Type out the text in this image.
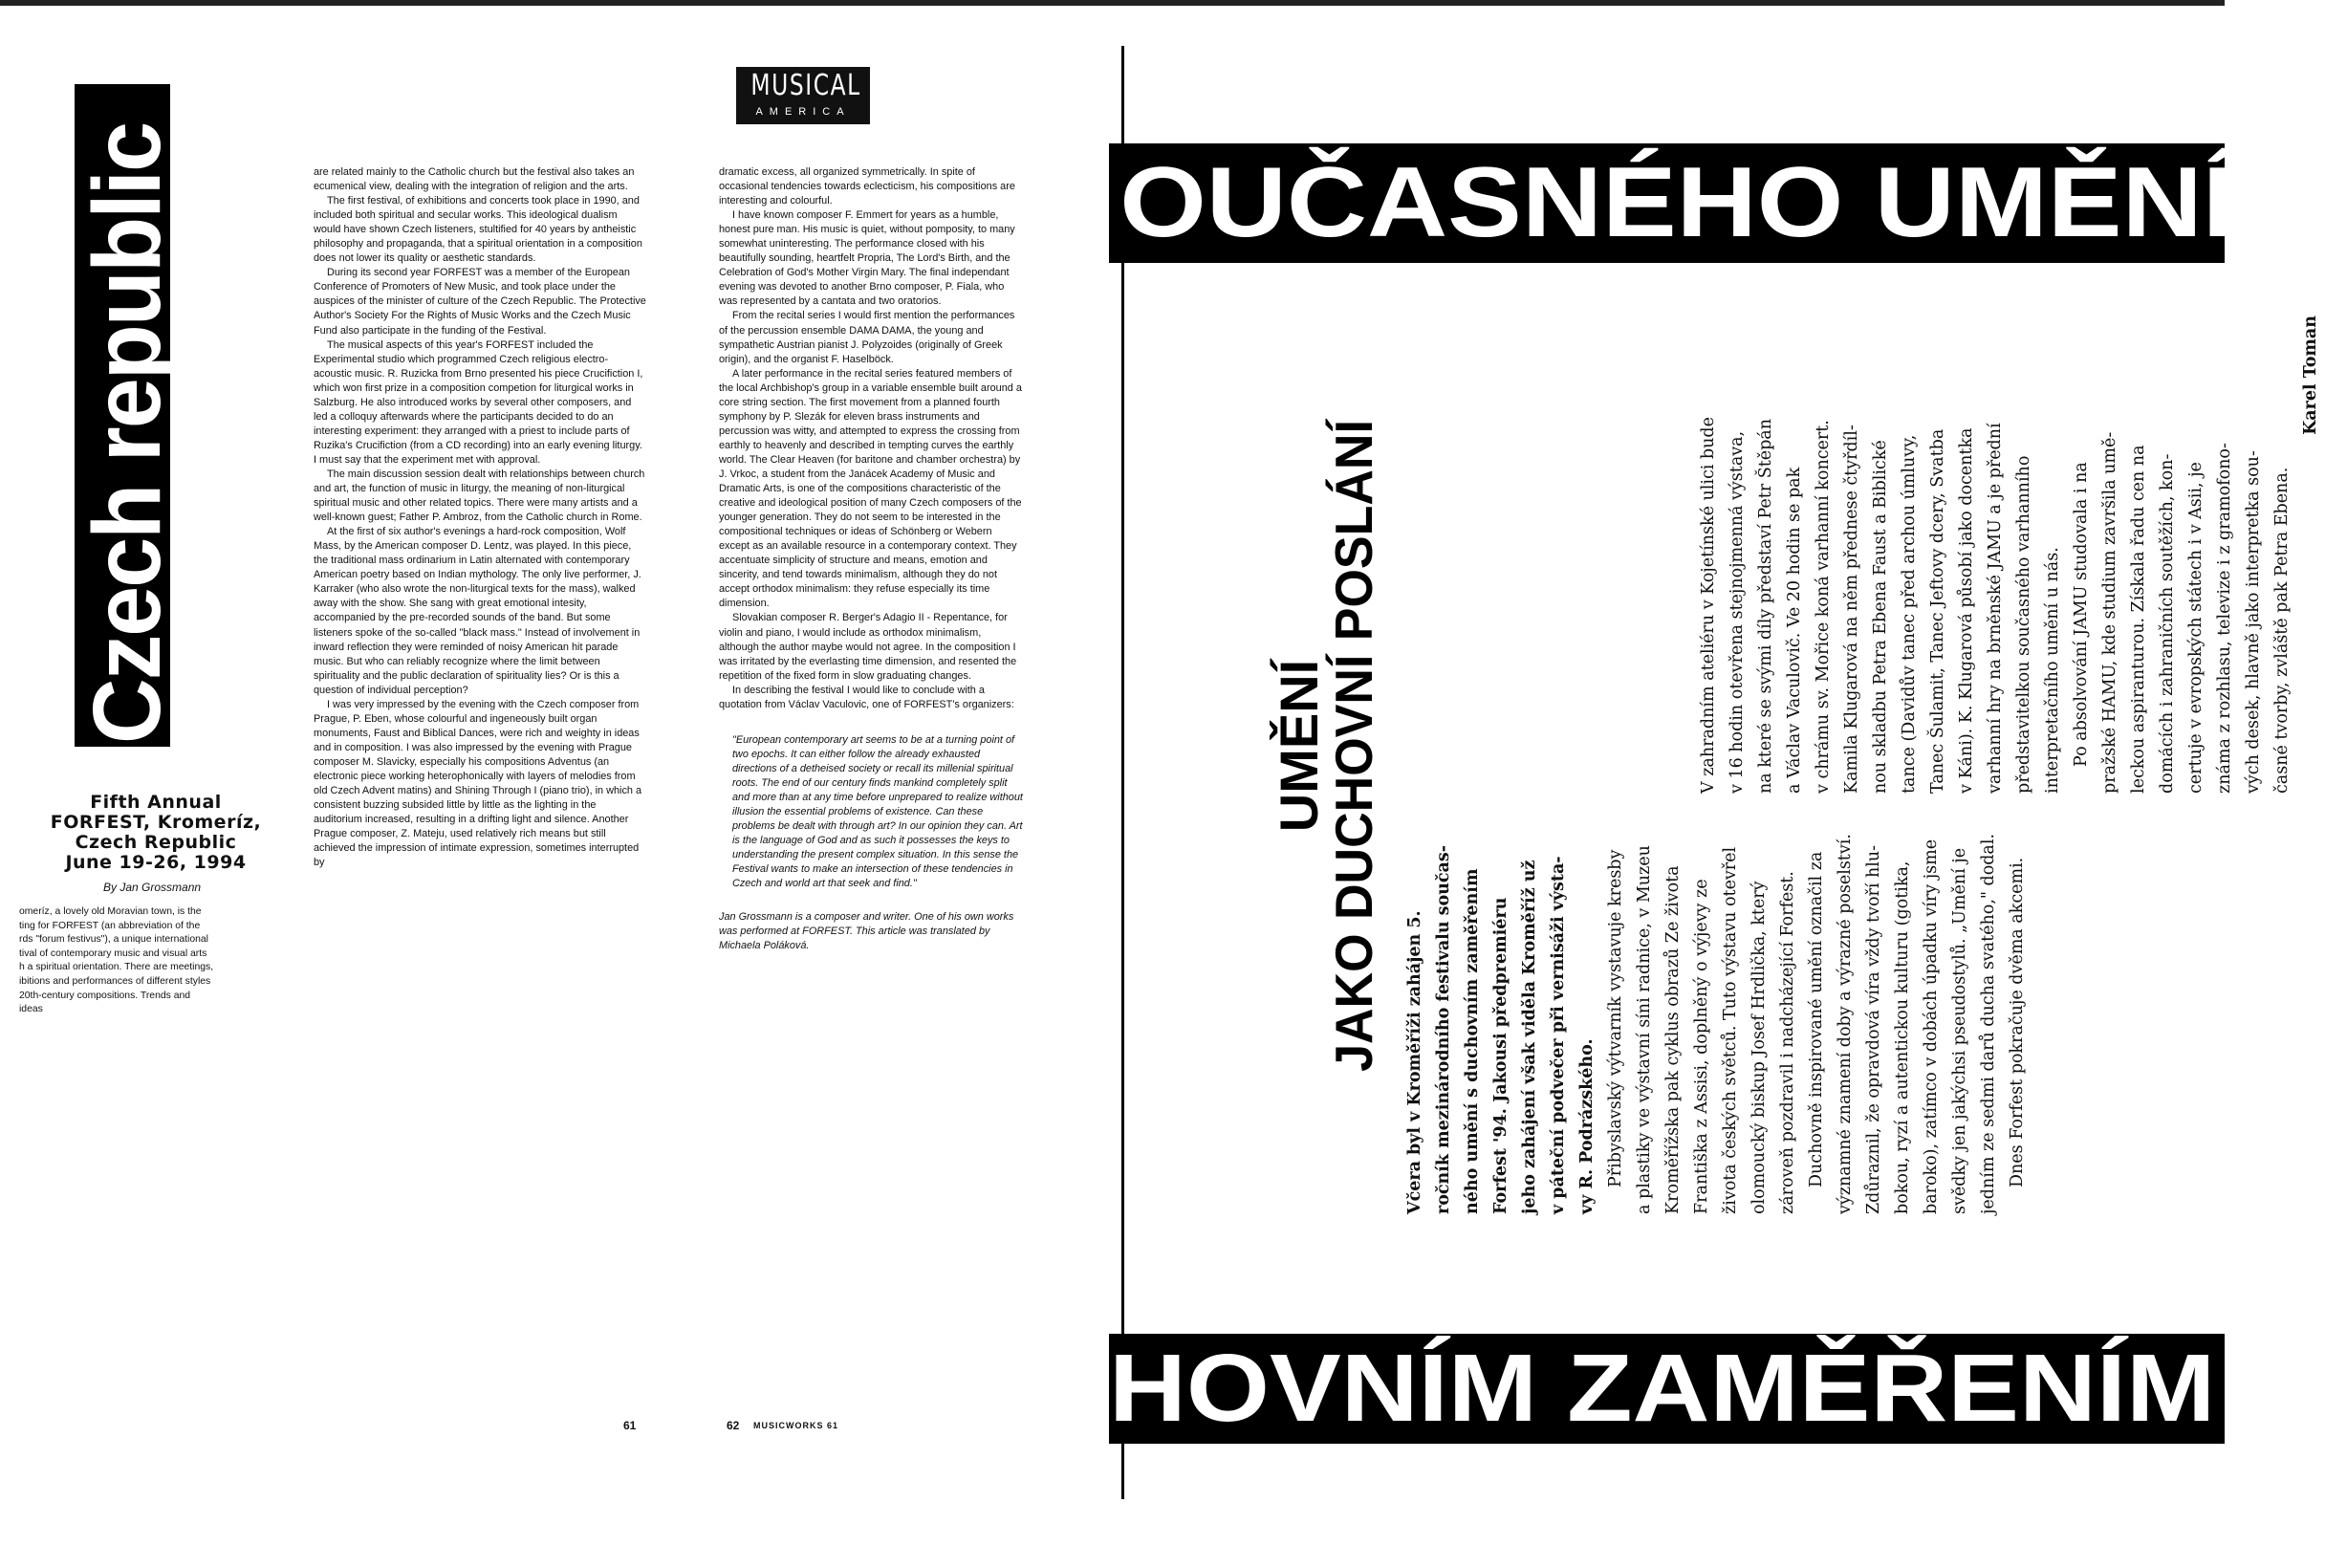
Czech republic
Fifth Annual
FORFEST, Kromeríz,
Czech Republic
June 19-26, 1994
By Jan Grossmann
omeríz, a lovely old Moravian town, is the
ting for FORFEST (an abbreviation of the
rds "forum festivus"), a unique international
tival of contemporary music and visual arts
h a spiritual orientation. There are meetings,
ibitions and performances of different styles
20th-century compositions. Trends and ideas

are related mainly to the Catholic church but the festival also takes an ecumenical view, dealing with the integration of religion and the arts.

The first festival, of exhibitions and concerts took place in 1990, and included both spiritual and secular works. This ideological dualism would have shown Czech listeners, stultified for 40 years by antheistic philosophy and propaganda, that a spiritual orientation in a composition does not lower its quality or aesthetic standards.

During its second year FORFEST was a member of the European Conference of Promoters of New Music, and took place under the auspices of the minister of culture of the Czech Republic. The Protective Author's Society For the Rights of Music Works and the Czech Music Fund also participate in the funding of the Festival.

The musical aspects of this year's FORFEST included the Experimental studio which programmed Czech religious electro-acoustic music. R. Ruzicka from Brno presented his piece Crucifiction I, which won first prize in a composition competion for liturgical works in Salzburg. He also introduced works by several other composers, and led a colloquy afterwards where the participants decided to do an interesting experiment: they arranged with a priest to include parts of Ruzika's Crucifiction (from a CD recording) into an early evening liturgy. I must say that the experiment met with approval.

The main discussion session dealt with relationships between church and art, the function of music in liturgy, the meaning of non-liturgical spiritual music and other related topics. There were many artists and a well-known guest; Father P. Ambroz, from the Catholic church in Rome.

At the first of six author's evenings a hard-rock composition, Wolf Mass, by the American composer D. Lentz, was played. In this piece, the traditional mass ordinarium in Latin alternated with contemporary American poetry based on Indian mythology. The only live performer, J. Karraker (who also wrote the non-liturgical texts for the mass), walked away with the show. She sang with great emotional intesity, accompanied by the pre-recorded sounds of the band. But some listeners spoke of the so-called "black mass." Instead of involvement in inward reflection they were reminded of noisy American hit parade music. But who can reliably recognize where the limit between spirituality and the public declaration of spirituality lies? Or is this a question of individual perception?

I was very impressed by the evening with the Czech composer from Prague, P. Eben, whose colourful and ingeneously built organ monuments, Faust and Biblical Dances, were rich and weighty in ideas and in composition. I was also impressed by the evening with Prague composer M. Slavicky, especially his compositions Adventus (an electronic piece working heterophonically with layers of melodies from old Czech Advent matins) and Shining Through I (piano trio), in which a consistent buzzing subsided little by little as the lighting in the auditorium increased, resulting in a drifting light and silence. Another Prague composer, Z. Mateju, used relatively rich means but still achieved the impression of intimate expression, sometimes interrupted by

61
MUSICAL
AMERICA

dramatic excess, all organized symmetrically. In spite of occasional tendencies towards eclecticism, his compositions are interesting and colourful.

I have known composer F. Emmert for years as a humble, honest pure man. His music is quiet, without pomposity, to many somewhat uninteresting. The performance closed with his beautifully sounding, heartfelt Propria, The Lord's Birth, and the Celebration of God's Mother Virgin Mary. The final independant evening was devoted to another Brno composer, P. Fiala, who was represented by a cantata and two oratorios.

From the recital series I would first mention the performances of the percussion ensemble DAMA DAMA, the young and sympathetic Austrian pianist J. Polyzoides (originally of Greek origin), and the organist F. Haselböck.

A later performance in the recital series featured members of the local Archbishop's group in a variable ensemble built around a core string section. The first movement from a planned fourth symphony by P. Slezák for eleven brass instruments and percussion was witty, and attempted to express the crossing from earthly to heavenly and described in tempting curves the earthly world. The Clear Heaven (for baritone and chamber orchestra) by J. Vrkoc, a student from the Janácek Academy of Music and Dramatic Arts, is one of the compositions characteristic of the creative and ideological position of many Czech composers of the younger generation. They do not seem to be interested in the compositional techniques or ideas of Schönberg or Webern except as an available resource in a contemporary context. They accentuate simplicity of structure and means, emotion and sincerity, and tend towards minimalism, although they do not accept orthodox minimalism: they refuse especially its time dimension.

Slovakian composer R. Berger's Adagio II - Repentance, for violin and piano, I would include as orthodox minimalism, although the author maybe would not agree. In the composition I was irritated by the everlasting time dimension, and resented the repetition of the fixed form in slow graduating changes.

In describing the festival I would like to conclude with a quotation from Václav Vaculovic, one of FORFEST's organizers:

"European contemporary art seems to be at a turning point of two epochs. It can either follow the already exhausted directions of a detheised society or recall its millenial spiritual roots. The end of our century finds mankind completely split and more than at any time before unprepared to realize without illusion the essential problems of existence. Can these problems be dealt with through art? In our opinion they can. Art is the language of God and as such it possesses the keys to understanding the present complex situation. In this sense the Festival wants to make an intersection of these tendencies in Czech and world art that seek and find."

Jan Grossmann is a composer and writer. One of his own works was performed at FORFEST. This article was translated by Michaela Poláková.
62 MUSICWORKS 61
OUČASNÉHO UMĚNÍ
HOVNÍM ZAMĚŘENÍM
UMĚNÍ
JAKO DUCHOVNÍ POSLÁNÍ Včera byl v Kroměříži zahájen 5. ročník mezinárodního festivalu součas- ného umění s duchovním zaměřením Forfest '94. Jakousi předpremiéru jeho zahájení však viděla Kroměříž už v páteční podvečer při vernisáži výsta- vy R. Podrázského. Přibyslavský výtvarník vystavuje kresby a plastiky ve výstavní síni radnice, v Muzeu Kroměřížska pak cyklus obrazů Ze života Františka z Assisi, doplněný o výjevy ze života českých světců. Tuto výstavu otevřel olomoucký biskup Josef Hrdlička, který zároveň pozdravil i nadcházející Forfest. Duchovně inspirované umění označil za významné znamení doby a výrazné poselství. Zdůraznil, že opravdová víra vždy tvoří hlu- bokou, ryzí a autentickou kulturu (gotika, baroko), zatímco v dobách úpadku víry jsme svědky jen jakýchsi pseudostylů. „Umění je jedním ze sedmi darů ducha svatého," dodal. Dnes Forfest pokračuje dvěma akcemi.

V zahradním ateliéru v Kojetínské ulici bude v 16 hodin otevřena stejnojmenná výstava, na které se svými díly představí Petr Štěpán a Václav Vaculovič. Ve 20 hodin se pak v chrámu sv. Mořice koná varhanní koncert. Kamila Klugarová na něm přednese čtyřdíl- nou skladbu Petra Ebena Faust a Biblické tance (Davidův tanec před archou úmluvy, Tanec Šulamit, Tanec Jeftovy dcery, Svatba v Káni). K. Klugarová působí jako docentka varhanní hry na brněnské JAMU a je přední představitelkou současného varhanního interpretačního umění u nás. Po absolvování JAMU studovala i na pražské HAMU, kde studium završila umě- leckou aspiranturou. Získala řadu cen na domácích i zahraničních soutěžích, kon- certuje v evropských státech i v Asii, je známa z rozhlasu, televize i z gramofono- vých desek, hlavně jako interpretka sou- časné tvorby, zvláště pak Petra Ebena.

Karel Toman
